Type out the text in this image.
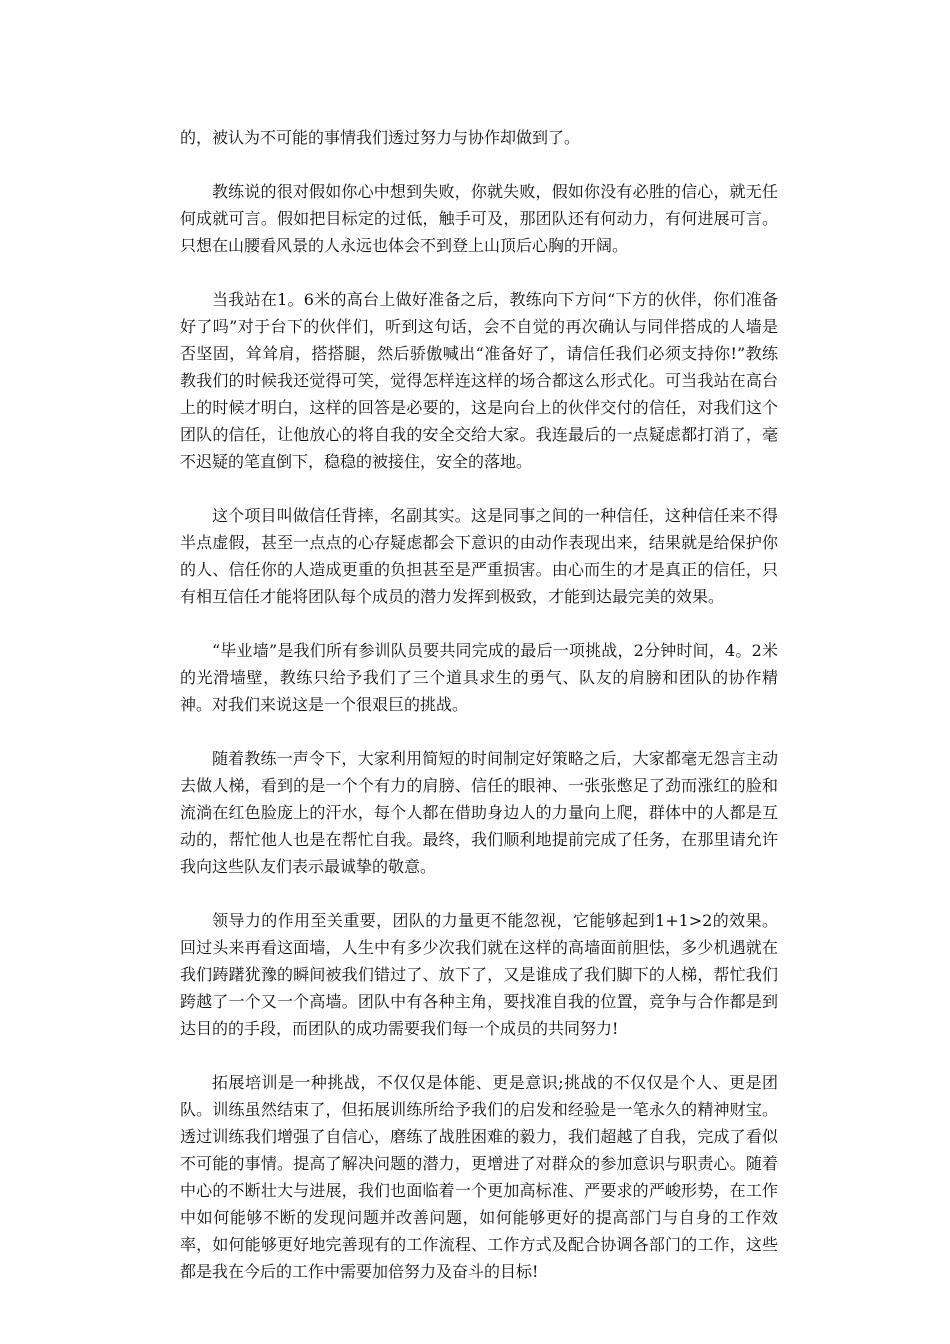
的，被认为不可能的事情我们透过努力与协作却做到了。

教练说的很对假如你心中想到失败，你就失败，假如你没有必胜的信心，就无任何成就可言。假如把目标定的过低，触手可及，那团队还有何动力，有何进展可言。只想在山腰看风景的人永远也体会不到登上山顶后心胸的开阔。

当我站在1。6米的高台上做好准备之后，教练向下方问“下方的伙伴，你们准备好了吗”对于台下的伙伴们，听到这句话，会不自觉的再次确认与同伴搭成的人墙是否坚固，耸耸肩，搭搭腿，然后骄傲喊出“准备好了，请信任我们必须支持你!”教练教我们的时候我还觉得可笑，觉得怎样连这样的场合都这么形式化。可当我站在高台上的时候才明白，这样的回答是必要的，这是向台上的伙伴交付的信任，对我们这个团队的信任，让他放心的将自我的安全交给大家。我连最后的一点疑虑都打消了，毫不迟疑的笔直倒下，稳稳的被接住，安全的落地。

这个项目叫做信任背摔，名副其实。这是同事之间的一种信任，这种信任来不得半点虚假，甚至一点点的心存疑虑都会下意识的由动作表现出来，结果就是给保护你的人、信任你的人造成更重的负担甚至是严重损害。由心而生的才是真正的信任，只有相互信任才能将团队每个成员的潜力发挥到极致，才能到达最完美的效果。

“毕业墙”是我们所有参训队员要共同完成的最后一项挑战，2分钟时间，4。2米的光滑墙壁，教练只给予我们了三个道具求生的勇气、队友的肩膀和团队的协作精神。对我们来说这是一个很艰巨的挑战。

随着教练一声令下，大家利用简短的时间制定好策略之后，大家都毫无怨言主动去做人梯，看到的是一个个有力的肩膀、信任的眼神、一张张憋足了劲而涨红的脸和流淌在红色脸庞上的汗水，每个人都在借助身边人的力量向上爬，群体中的人都是互动的，帮忙他人也是在帮忙自我。最终，我们顺利地提前完成了任务，在那里请允许我向这些队友们表示最诚挚的敬意。

领导力的作用至关重要，团队的力量更不能忽视，它能够起到1+1>2的效果。回过头来再看这面墙，人生中有多少次我们就在这样的高墙面前胆怯，多少机遇就在我们踌躇犹豫的瞬间被我们错过了、放下了，又是谁成了我们脚下的人梯，帮忙我们跨越了一个又一个高墙。团队中有各种主角，要找准自我的位置，竞争与合作都是到达目的的手段，而团队的成功需要我们每一个成员的共同努力!

拓展培训是一种挑战，不仅仅是体能、更是意识;挑战的不仅仅是个人、更是团队。训练虽然结束了，但拓展训练所给予我们的启发和经验是一笔永久的精神财宝。透过训练我们增强了自信心，磨练了战胜困难的毅力，我们超越了自我，完成了看似不可能的事情。提高了解决问题的潜力，更增进了对群众的参加意识与职责心。随着中心的不断壮大与进展，我们也面临着一个更加高标准、严要求的严峻形势，在工作中如何能够不断的发现问题并改善问题，如何能够更好的提高部门与自身的工作效率，如何能够更好地完善现有的工作流程、工作方式及配合协调各部门的工作，这些都是我在今后的工作中需要加倍努力及奋斗的目标!
